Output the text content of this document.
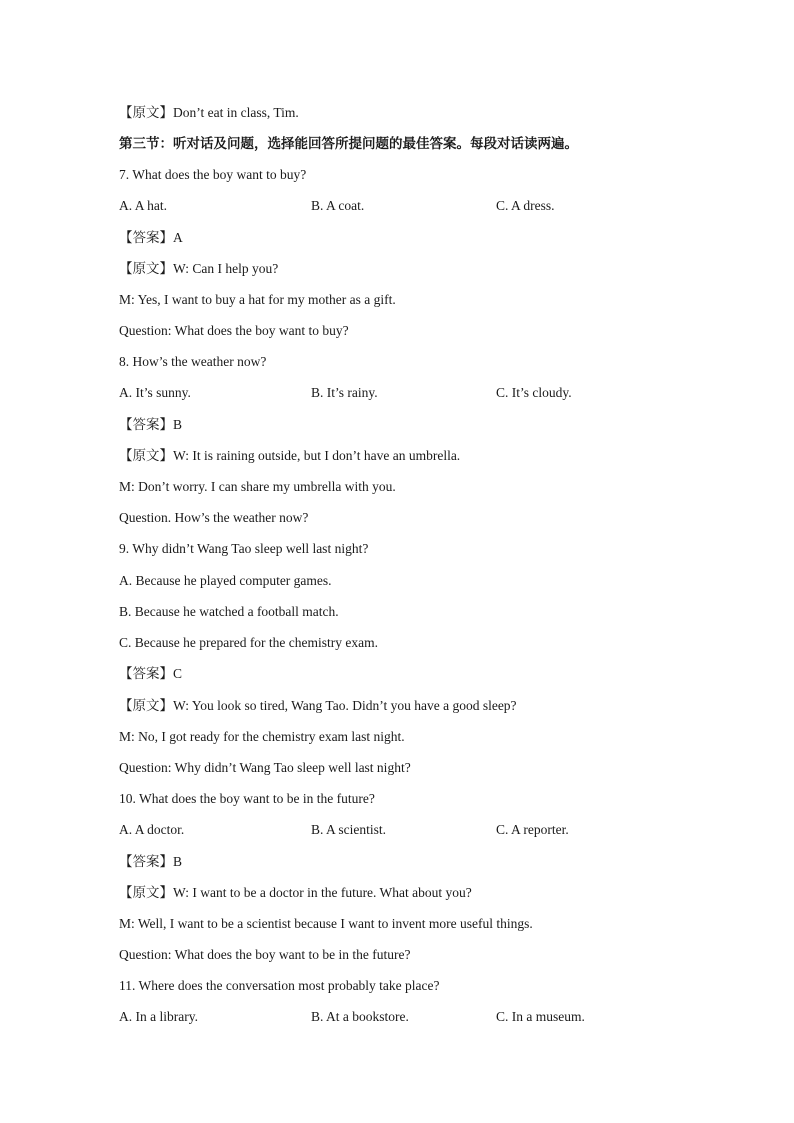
【原文】Don’t eat in class, Tim.
第三节：听对话及问题，选择能回答所提问题的最佳答案。每段对话读两遍。
7. What does the boy want to buy?
A. A hat.	B. A coat.	C. A dress.
【答案】A
【原文】W: Can I help you?
M: Yes, I want to buy a hat for my mother as a gift.
Question: What does the boy want to buy?
8. How’s the weather now?
A. It’s sunny.	B. It’s rainy.	C. It’s cloudy.
【答案】B
【原文】W: It is raining outside, but I don’t have an umbrella.
M: Don’t worry. I can share my umbrella with you.
Question. How’s the weather now?
9. Why didn’t Wang Tao sleep well last night?
A. Because he played computer games.
B. Because he watched a football match.
C. Because he prepared for the chemistry exam.
【答案】C
【原文】W: You look so tired, Wang Tao. Didn’t you have a good sleep?
M: No, I got ready for the chemistry exam last night.
Question: Why didn’t Wang Tao sleep well last night?
10. What does the boy want to be in the future?
A. A doctor.	B. A scientist.	C. A reporter.
【答案】B
【原文】W: I want to be a doctor in the future. What about you?
M: Well, I want to be a scientist because I want to invent more useful things.
Question: What does the boy want to be in the future?
11. Where does the conversation most probably take place?
A. In a library.	B. At a bookstore.	C. In a museum.
